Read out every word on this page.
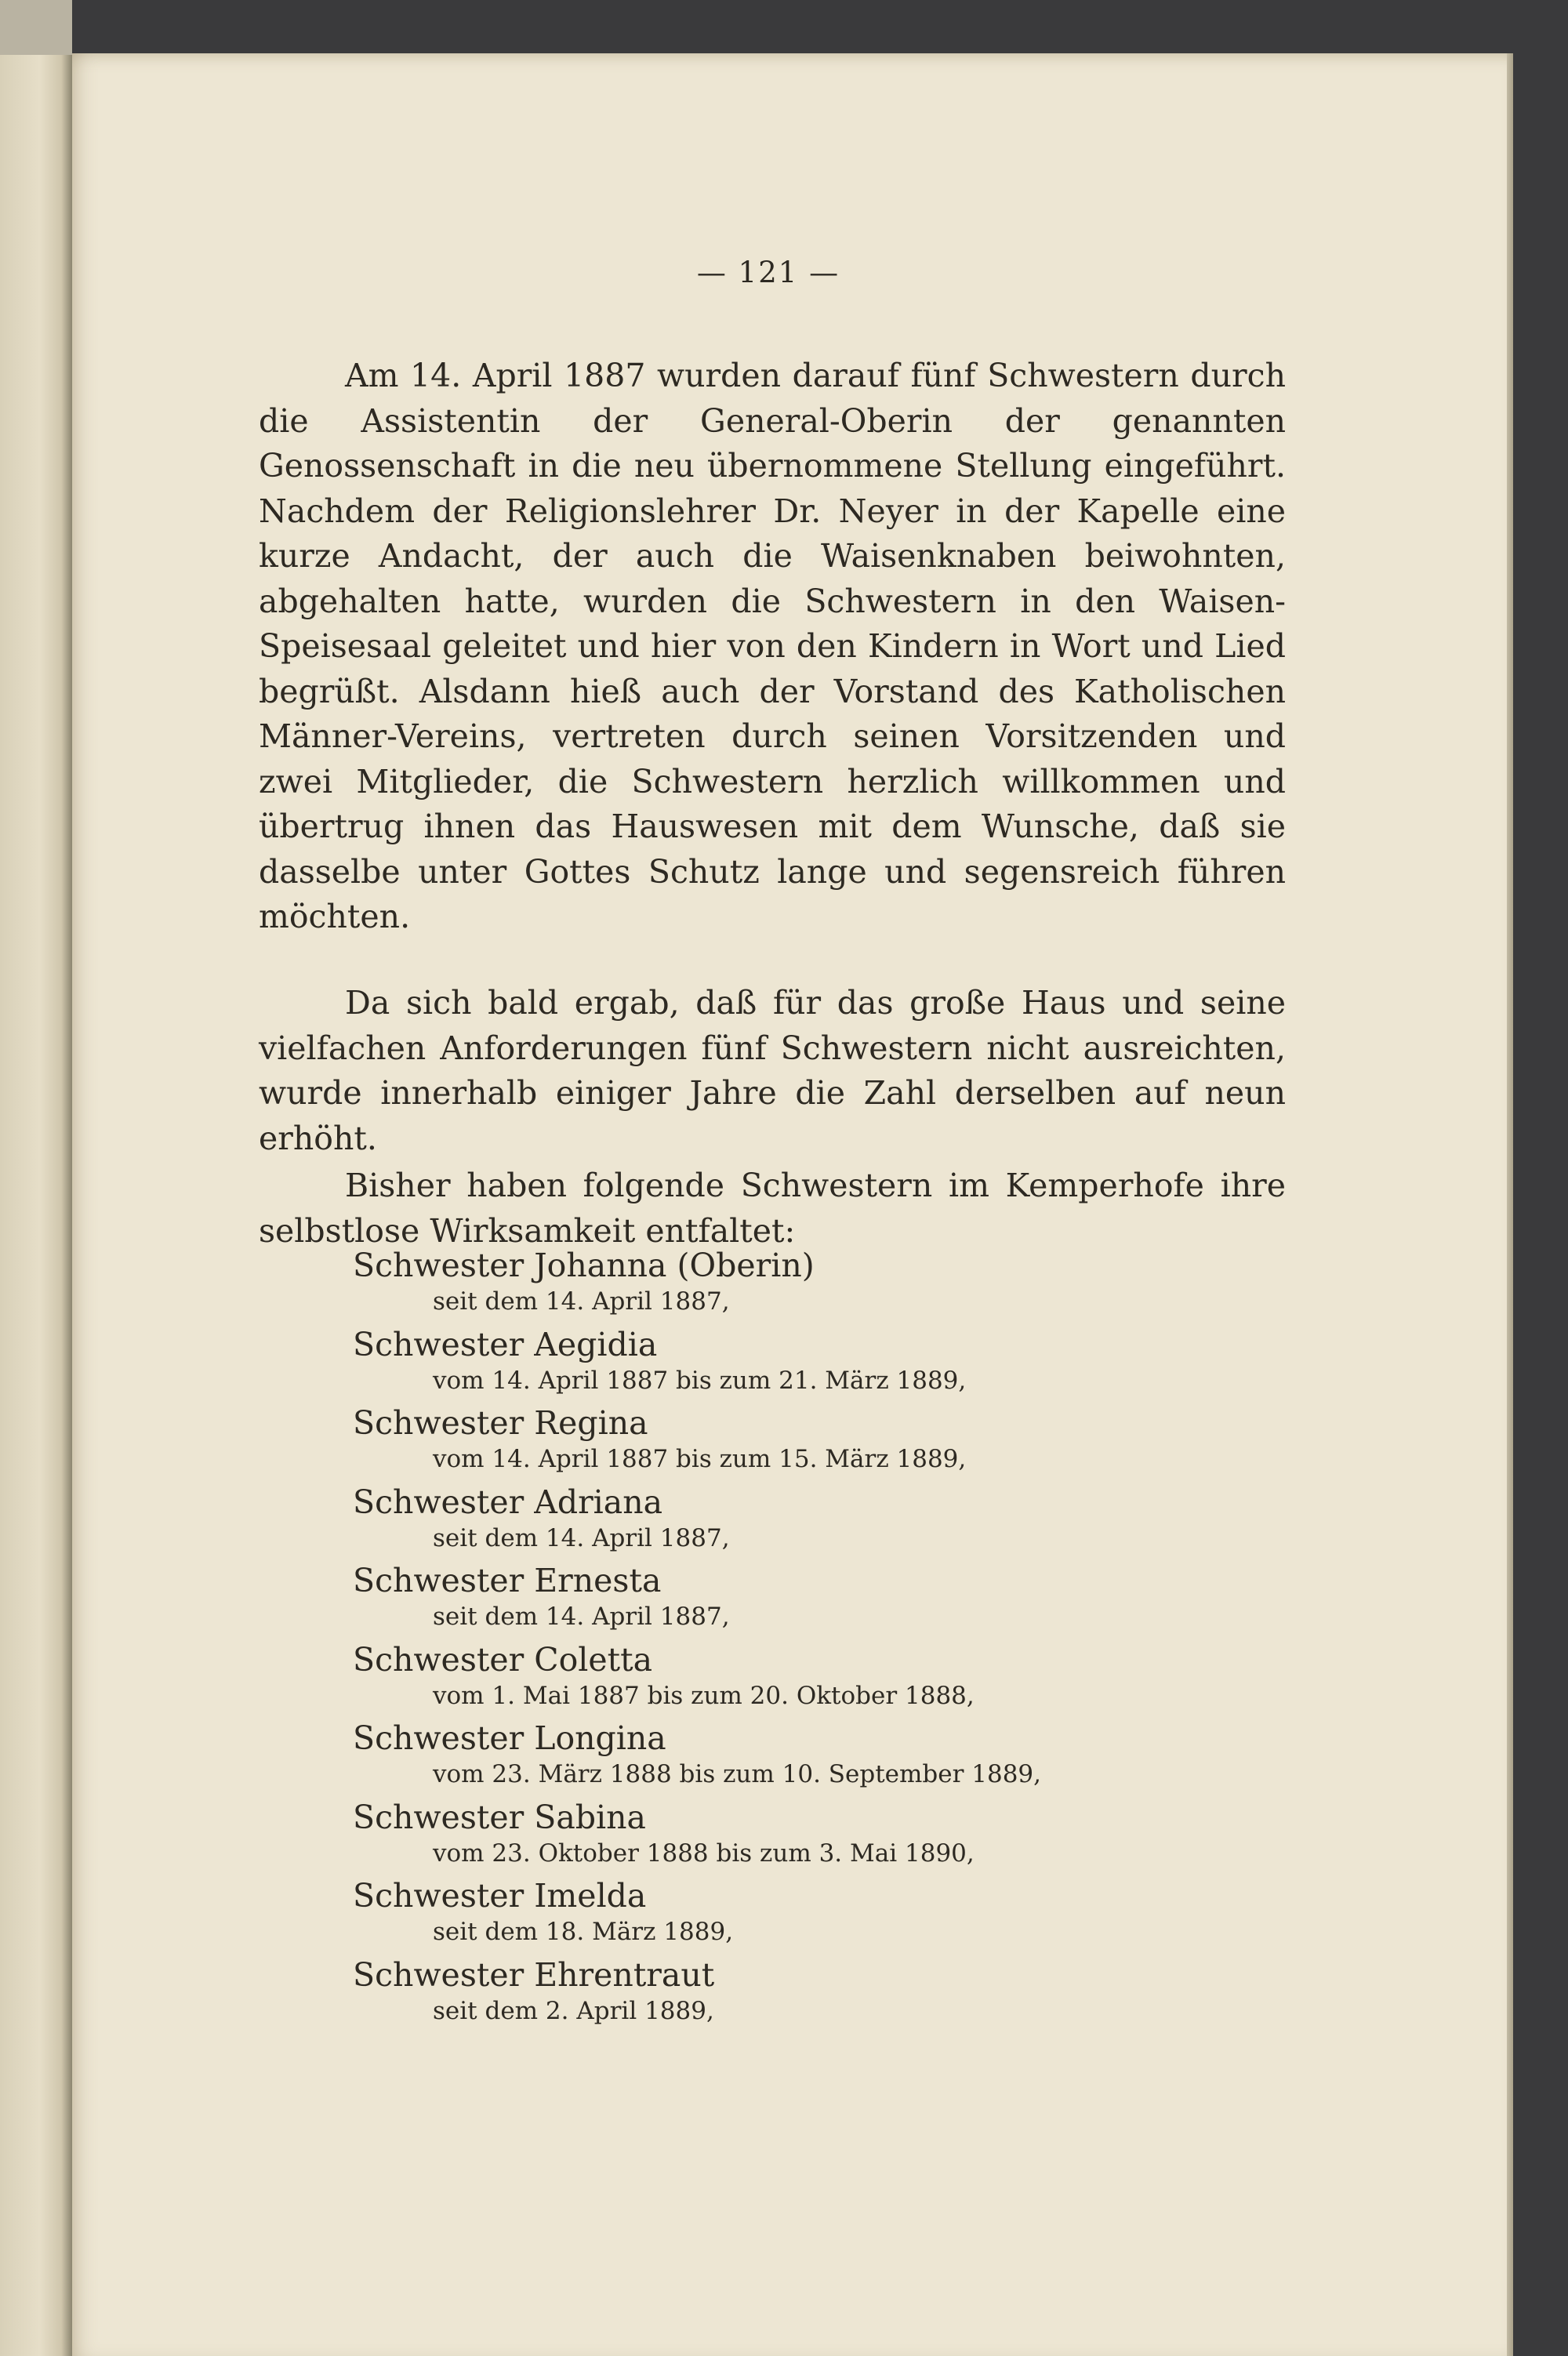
— 121 —

Am 14. April 1887 wurden darauf fünf Schwestern durch die Assistentin der General-Oberin der genannten Genossenschaft in die neu übernommene Stellung eingeführt. Nachdem der Religionslehrer Dr. Neyer in der Kapelle eine kurze Andacht, der auch die Waisenknaben beiwohnten, abgehalten hatte, wurden die Schwestern in den Waisen-Speisesaal geleitet und hier von den Kindern in Wort und Lied begrüßt. Alsdann hieß auch der Vorstand des Katholischen Männer-Vereins, vertreten durch seinen Vorsitzenden und zwei Mitglieder, die Schwestern herzlich willkommen und übertrug ihnen das Hauswesen mit dem Wunsche, daß sie dasselbe unter Gottes Schutz lange und segensreich führen möchten.

Da sich bald ergab, daß für das große Haus und seine vielfachen Anforderungen fünf Schwestern nicht ausreichten, wurde innerhalb einiger Jahre die Zahl derselben auf neun erhöht.

Bisher haben folgende Schwestern im Kemperhofe ihre selbstlose Wirksamkeit entfaltet:

Schwester Johanna (Oberin)
seit dem 14. April 1887,
Schwester Aegidia
vom 14. April 1887 bis zum 21. März 1889,
Schwester Regina
vom 14. April 1887 bis zum 15. März 1889,
Schwester Adriana
seit dem 14. April 1887,
Schwester Ernesta
seit dem 14. April 1887,
Schwester Coletta
vom 1. Mai 1887 bis zum 20. Oktober 1888,
Schwester Longina
vom 23. März 1888 bis zum 10. September 1889,
Schwester Sabina
vom 23. Oktober 1888 bis zum 3. Mai 1890,
Schwester Imelda
seit dem 18. März 1889,
Schwester Ehrentraut
seit dem 2. April 1889,
